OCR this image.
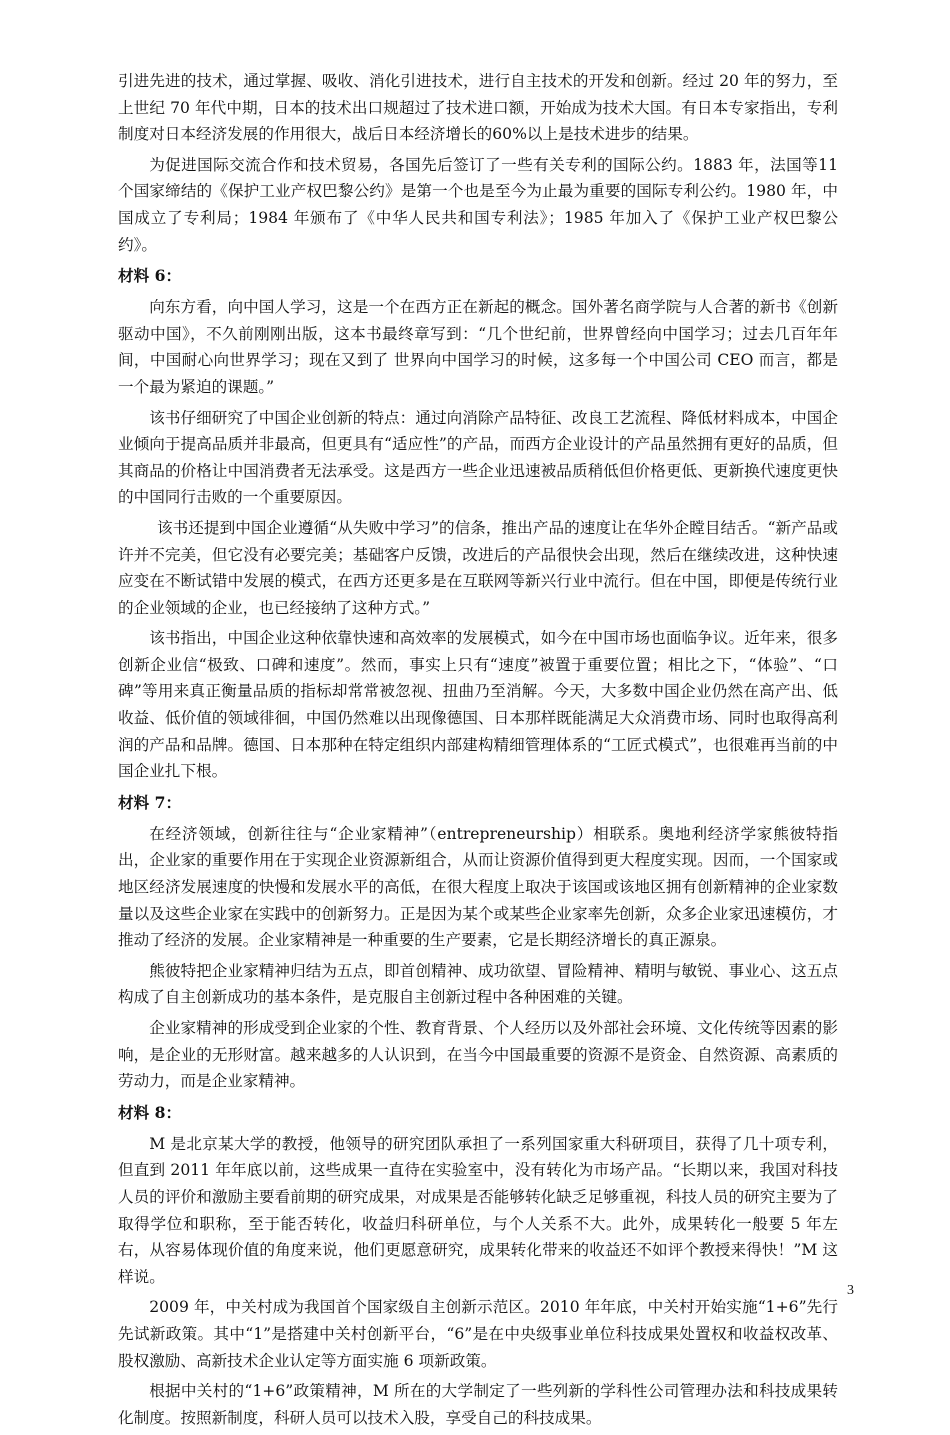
引进先进的技术，通过掌握、吸收、消化引进技术，进行自主技术的开发和创新。经过 20 年的努力，至上世纪 70 年代中期，日本的技术出口规超过了技术进口额，开始成为技术大国。有日本专家指出，专利制度对日本经济发展的作用很大，战后日本经济增长的60%以上是技术进步的结果。

为促进国际交流合作和技术贸易，各国先后签订了一些有关专利的国际公约。1883 年，法国等11 个国家缔结的《保护工业产权巴黎公约》是第一个也是至今为止最为重要的国际专利公约。1980 年，中国成立了专利局；1984 年颁布了《中华人民共和国专利法》；1985 年加入了《保护工业产权巴黎公约》。

材料 6：

向东方看，向中国人学习，这是一个在西方正在新起的概念。国外著名商学院与人合著的新书《创新驱动中国》，不久前刚刚出版，这本书最终章写到：“几个世纪前，世界曾经向中国学习；过去几百年年间，中国耐心向世界学习；现在又到了 世界向中国学习的时候，这多每一个中国公司 CEO 而言，都是一个最为紧迫的课题。”

该书仔细研究了中国企业创新的特点：通过向消除产品特征、改良工艺流程、降低材料成本，中国企业倾向于提高品质并非最高，但更具有“适应性”的产品，而西方企业设计的产品虽然拥有更好的品质，但其商品的价格让中国消费者无法承受。这是西方一些企业迅速被品质稍低但价格更低、更新换代速度更快的中国同行击败的一个重要原因。

该书还提到中国企业遵循“从失败中学习”的信条，推出产品的速度让在华外企瞠目结舌。“新产品或许并不完美，但它没有必要完美；基础客户反馈，改进后的产品很快会出现，然后在继续改进，这种快速应变在不断试错中发展的模式，在西方还更多是在互联网等新兴行业中流行。但在中国，即便是传统行业的企业领域的企业，也已经接纳了这种方式。”

该书指出，中国企业这种依靠快速和高效率的发展模式，如今在中国市场也面临争议。近年来，很多创新企业信“极致、口碑和速度”。然而，事实上只有“速度”被置于重要位置；相比之下，“体验”、“口碑”等用来真正衡量品质的指标却常常被忽视、扭曲乃至消解。今天，大多数中国企业仍然在高产出、低收益、低价值的领域徘徊，中国仍然难以出现像德国、日本那样既能满足大众消费市场、同时也取得高利润的产品和品牌。德国、日本那种在特定组织内部建构精细管理体系的“工匠式模式”，也很难再当前的中国企业扎下根。

材料 7：

在经济领域，创新往往与“企业家精神”（entrepreneurship）相联系。奥地利经济学家熊彼特指出，企业家的重要作用在于实现企业资源新组合，从而让资源价值得到更大程度实现。因而，一个国家或地区经济发展速度的快慢和发展水平的高低，在很大程度上取决于该国或该地区拥有创新精神的企业家数量以及这些企业家在实践中的创新努力。正是因为某个或某些企业家率先创新，众多企业家迅速模仿，才推动了经济的发展。企业家精神是一种重要的生产要素，它是长期经济增长的真正源泉。

熊彼特把企业家精神归结为五点，即首创精神、成功欲望、冒险精神、精明与敏锐、事业心、这五点构成了自主创新成功的基本条件，是克服自主创新过程中各种困难的关键。

企业家精神的形成受到企业家的个性、教育背景、个人经历以及外部社会环境、文化传统等因素的影响，是企业的无形财富。越来越多的人认识到，在当今中国最重要的资源不是资金、自然资源、高素质的劳动力，而是企业家精神。

材料 8：

M 是北京某大学的教授，他领导的研究团队承担了一系列国家重大科研项目，获得了几十项专利，但直到 2011 年年底以前，这些成果一直待在实验室中，没有转化为市场产品。“长期以来，我国对科技人员的评价和激励主要看前期的研究成果，对成果是否能够转化缺乏足够重视，科技人员的研究主要为了取得学位和职称，至于能否转化，收益归科研单位，与个人关系不大。此外，成果转化一般要 5 年左右，从容易体现价值的角度来说，他们更愿意研究，成果转化带来的收益还不如评个教授来得快！”M 这样说。

2009 年，中关村成为我国首个国家级自主创新示范区。2010 年年底，中关村开始实施“1+6”先行先试新政策。其中“1”是搭建中关村创新平台，“6”是在中央级事业单位科技成果处置权和收益权改革、股权激励、高新技术企业认定等方面实施 6 项新政策。

根据中关村的“1+6”政策精神，M 所在的大学制定了一些列新的学科性公司管理办法和科技成果转化制度。按照新制度，科研人员可以技术入股，享受自己的科技成果。

3
